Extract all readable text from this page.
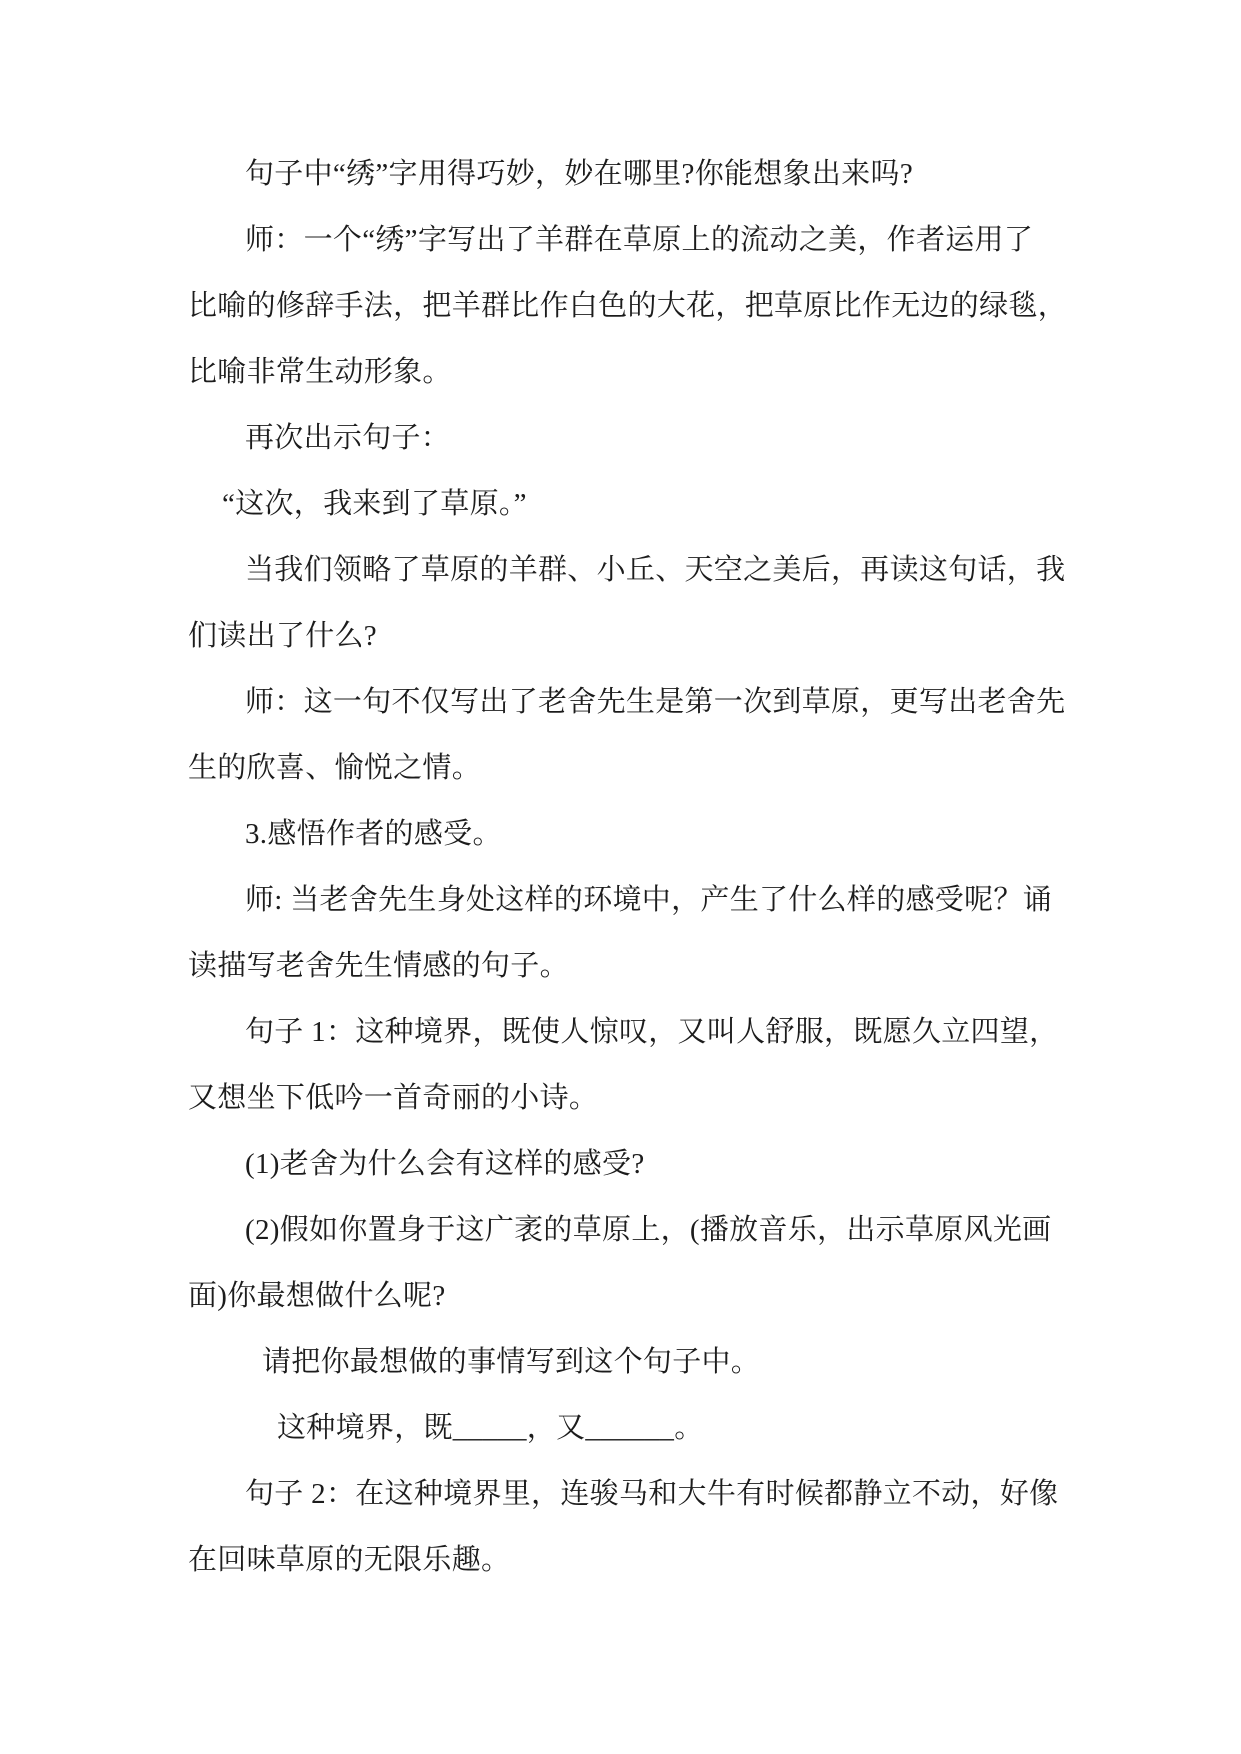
句子中“绣”字用得巧妙，妙在哪里?你能想象出来吗?
师：一个“绣”字写出了羊群在草原上的流动之美，作者运用了
比喻的修辞手法，把羊群比作白色的大花，把草原比作无边的绿毯，
比喻非常生动形象。
再次出示句子：
“这次，我来到了草原。”
当我们领略了草原的羊群、小丘、天空之美后，再读这句话，我
们读出了什么?
师：这一句不仅写出了老舍先生是第一次到草原，更写出老舍先
生的欣喜、愉悦之情。
3.感悟作者的感受。
师: 当老舍先生身处这样的环境中，产生了什么样的感受呢？诵
读描写老舍先生情感的句子。
句子 1：这种境界，既使人惊叹，又叫人舒服，既愿久立四望，
又想坐下低吟一首奇丽的小诗。
(1)老舍为什么会有这样的感受?
(2)假如你置身于这广袤的草原上，(播放音乐，出示草原风光画
面)你最想做什么呢?
请把你最想做的事情写到这个句子中。
这种境界，既_____，又______。
句子 2：在这种境界里，连骏马和大牛有时候都静立不动，好像
在回味草原的无限乐趣。
